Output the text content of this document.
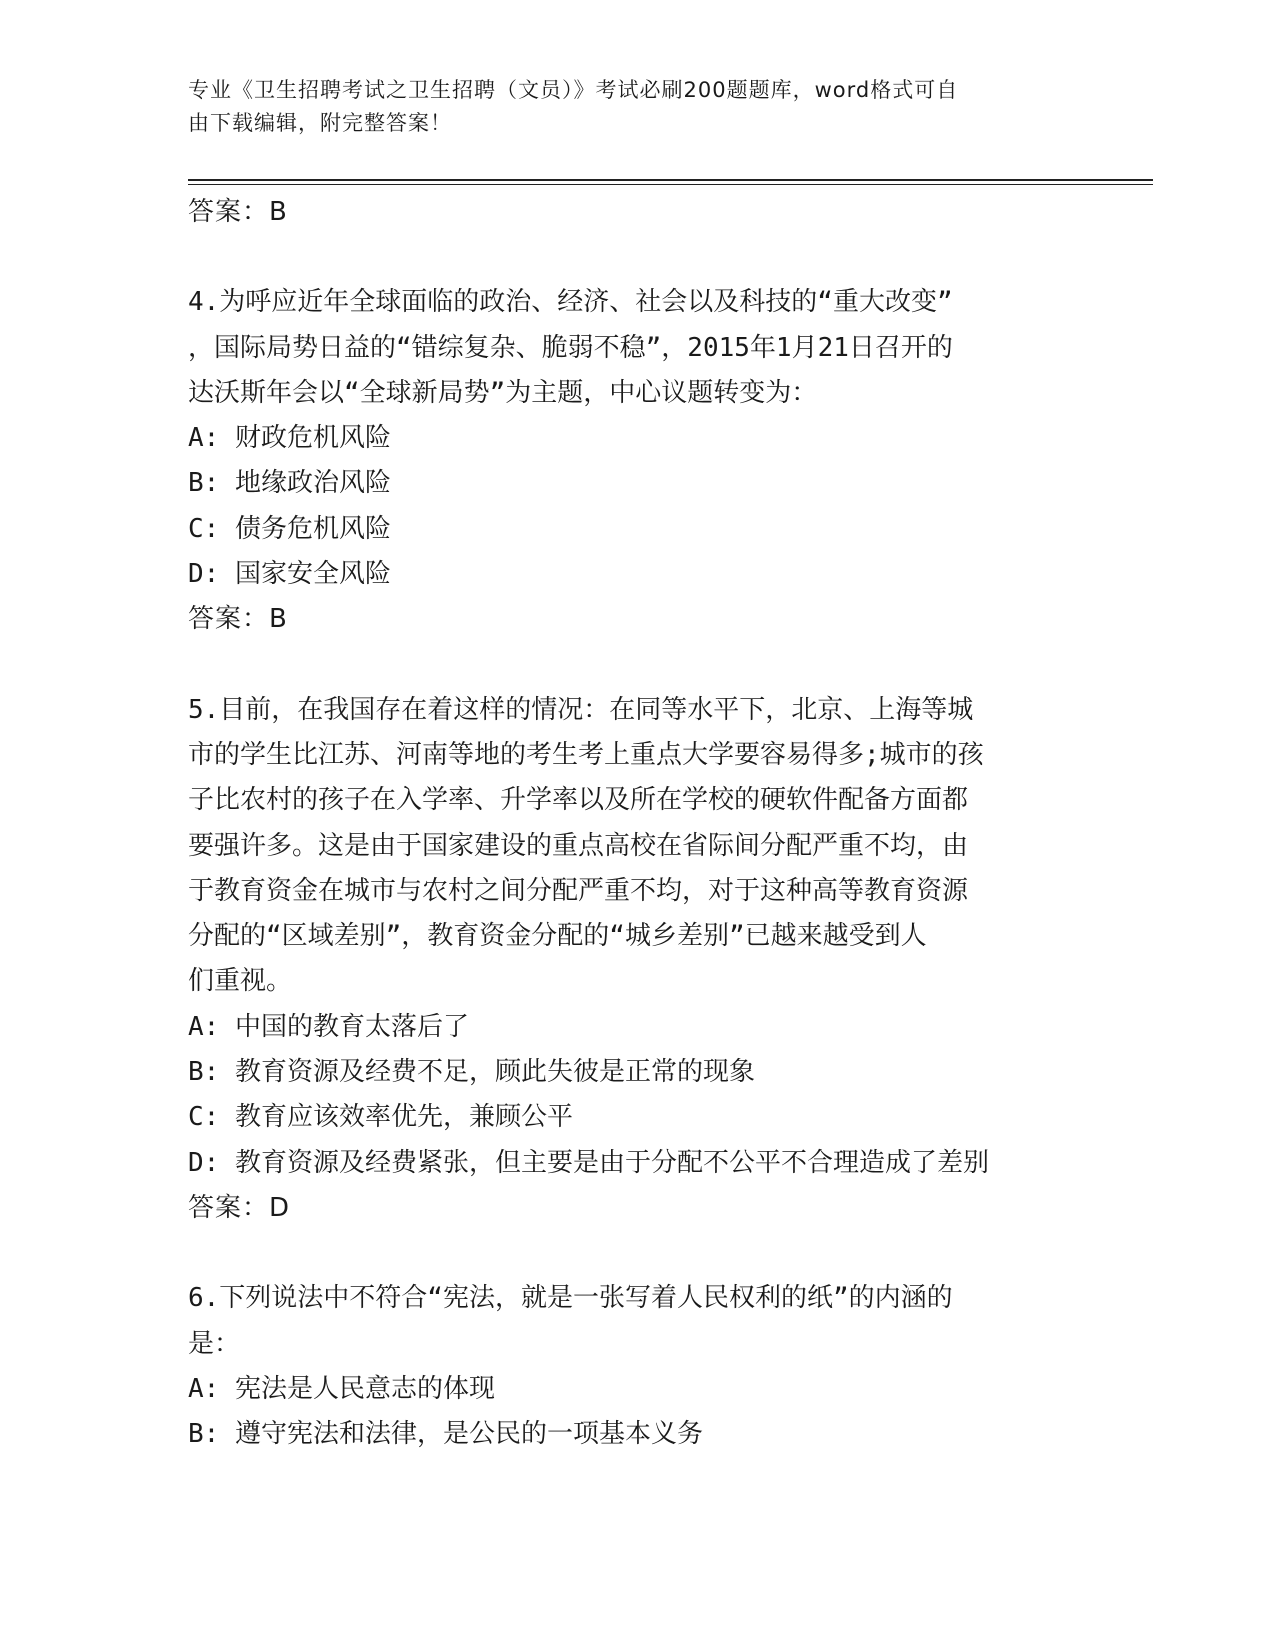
专业《卫生招聘考试之卫生招聘（文员）》考试必刷200题题库，word格式可自
由下载编辑，附完整答案！
答案：B
4.为呼应近年全球面临的政治、经济、社会以及科技的“重大改变”
，国际局势日益的“错综复杂、脆弱不稳”，2015年1月21日召开的
达沃斯年会以“全球新局势”为主题，中心议题转变为：
A: 财政危机风险
B: 地缘政治风险
C: 债务危机风险
D: 国家安全风险
答案：B
5.目前，在我国存在着这样的情况：在同等水平下，北京、上海等城
市的学生比江苏、河南等地的考生考上重点大学要容易得多;城市的孩
子比农村的孩子在入学率、升学率以及所在学校的硬软件配备方面都
要强许多。这是由于国家建设的重点高校在省际间分配严重不均，由
于教育资金在城市与农村之间分配严重不均，对于这种高等教育资源
分配的“区域差别”，教育资金分配的“城乡差别”已越来越受到人
们重视。
A: 中国的教育太落后了
B: 教育资源及经费不足，顾此失彼是正常的现象
C: 教育应该效率优先，兼顾公平
D: 教育资源及经费紧张，但主要是由于分配不公平不合理造成了差别
答案：D
6.下列说法中不符合“宪法，就是一张写着人民权利的纸”的内涵的
是：
A: 宪法是人民意志的体现
B: 遵守宪法和法律，是公民的一项基本义务
